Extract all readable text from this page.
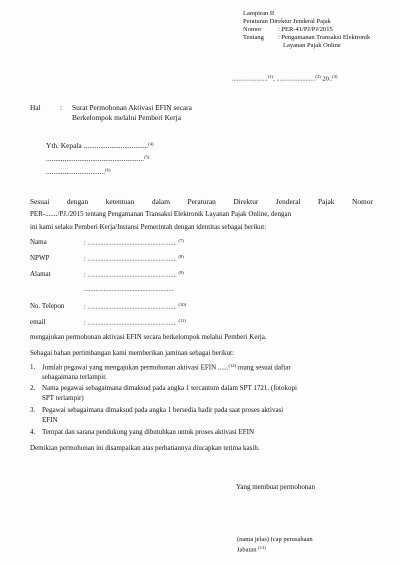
Lampiran II
Peraturan Direktur Jenderal Pajak
Nomor	: PER-41/PJ/PJ/2015
Tentang : Pengamanan Transaksi Elektronik
Layanan Pajak Online
......................$^{(1)}$, ........................$^{(2)}$ 20..$^{(3)}$
Hal	: Surat Permohonan Aktivasi EFIN secara
Berkelompok melalui Pemberi Kerja
Yth. Kepala ...................................$^{(4)}$
.....................................................$^{(5)}$
................................$^{(6)}$
Sesuai dengan ketentuan dalam Peraturan Direktur Jenderal Pajak Nomor
PER-......./PJ./2015 tentang Pengamanan Transaksi Elektronik Layanan Pajak Online, dengan
ini kami selaku Pemberi Kerja/Instansi Pemerintah dengan identitas sebagai berikut:
Nama	: ....................................................... $^{(7)}$
NPWP	: ....................................................... $^{(8)}$
Alamat	: ....................................................... $^{(9)}$
.......................................................
No. Telepon	: ....................................................... $^{(10)}$
email	: ....................................................... $^{(11)}$
mengajukan permohonan aktivasi EFIN secara berkelompok melalui Pemberi Kerja.
Sebagai bahan pertimbangan kami memberikan jaminan sebagai berikut:
1. Jumlah pegawai yang mengajukan permohonan aktivasi EFIN ......$^{(12)}$ orang sesuai daftar
sebagaimana terlampir.
2. Nama pegawai sebagaimana dimaksud pada angka 1 tercantum dalam SPT 1721. (fotokopi
SPT terlampir)
3. Pegawai sebagaimana dimaksud pada angka 1 bersedia hadir pada saat proses aktivasi
EFIN
4. Tempat dan sarana pendukung yang dibutuhkan untuk proses aktivasi EFIN
Demikian permohonan ini disampaikan atas perhatiannya diucapkan terima kasih.
Yang membuat permohonan
(nama jelas) (cap perusahaan
Jabatan $^{(13)}$
